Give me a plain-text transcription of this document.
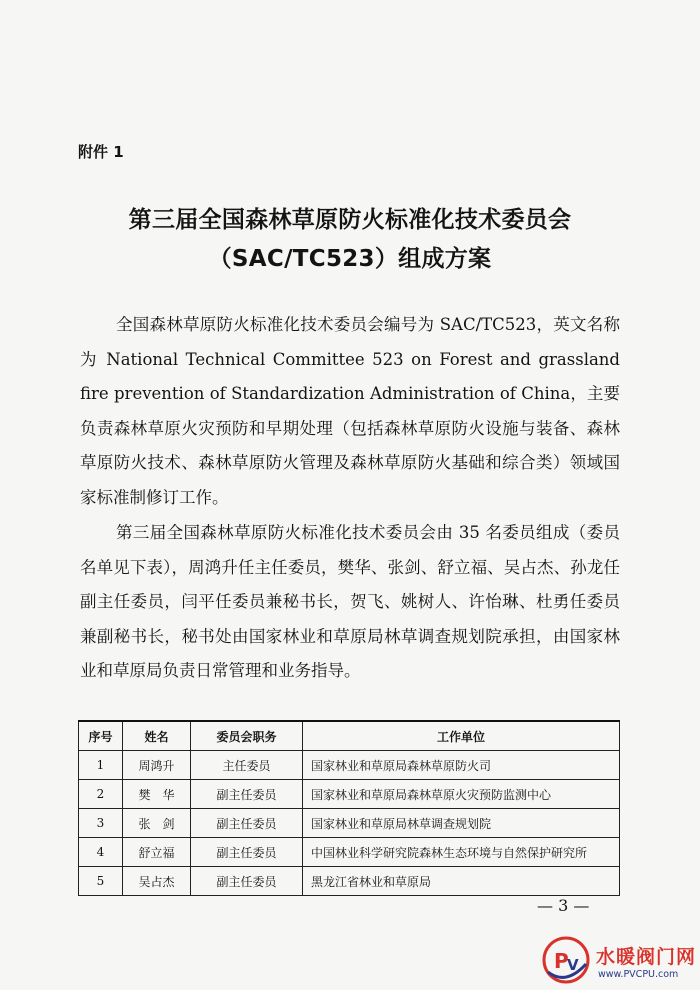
附件 1
第三届全国森林草原防火标准化技术委员会
（SAC/TC523）组成方案

全国森林草原防火标准化技术委员会编号为 SAC/TC523，英文名称为 National Technical Committee 523 on Forest and grassland fire prevention of Standardization Administration of China，主要负责森林草原火灾预防和早期处理（包括森林草原防火设施与装备、森林草原防火技术、森林草原防火管理及森林草原防火基础和综合类）领域国家标准制修订工作。

第三届全国森林草原防火标准化技术委员会由 35 名委员组成（委员名单见下表），周鸿升任主任委员，樊华、张剑、舒立福、吴占杰、孙龙任副主任委员，闫平任委员兼秘书长，贺飞、姚树人、许怡琳、杜勇任委员兼副秘书长，秘书处由国家林业和草原局林草调查规划院承担，由国家林业和草原局负责日常管理和业务指导。

序号	姓名	委员会职务	工作单位
1	周鸿升	主任委员	国家林业和草原局森林草原防火司
2	樊　华	副主任委员	国家林业和草原局森林草原火灾预防监测中心
3	张　剑	副主任委员	国家林业和草原局林草调查规划院
4	舒立福	副主任委员	中国林业科学研究院森林生态环境与自然保护研究所
5	吴占杰	副主任委员	黑龙江省林业和草原局
— 3 —
P
V 水暖阀门网
www.PVCPU.com
